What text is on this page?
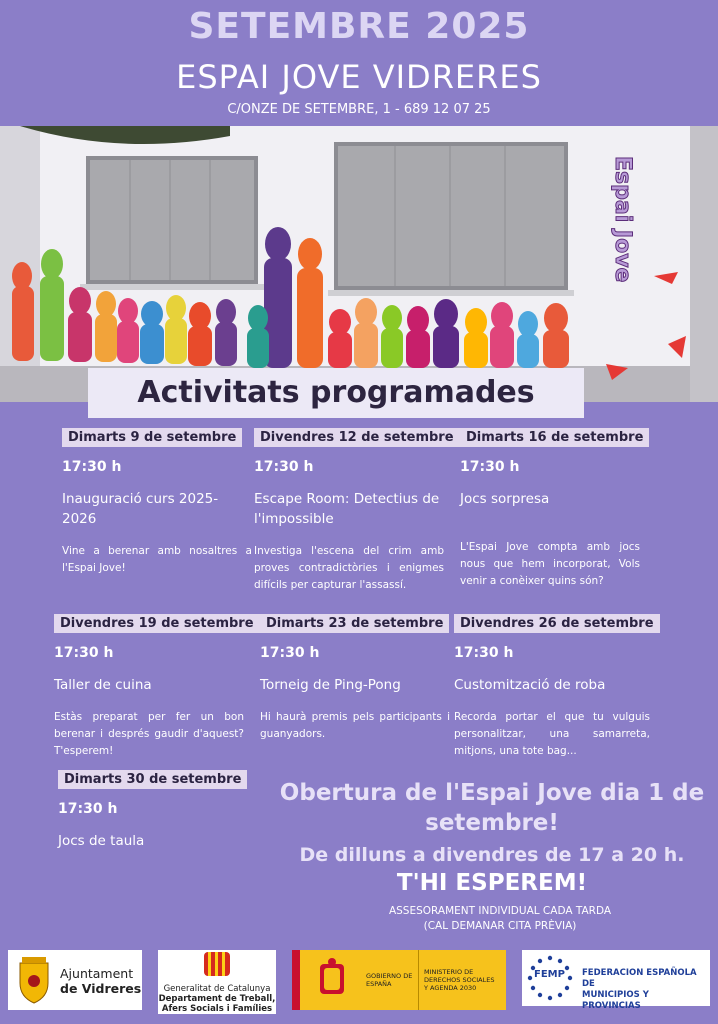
SETEMBRE 2025
ESPAI JOVE VIDRERES
C/ONZE DE SETEMBRE, 1 - 689 12 07 25
Espai Jove
Activitats programades
Dimarts 9 de setembre
17:30 h
Inauguració curs 2025-2026
Vine a berenar amb nosaltres a l'Espai Jove!
Divendres 12 de setembre
17:30 h
Escape Room: Detectius de l'impossible
Investiga l'escena del crim amb proves contradictòries i enigmes difícils per capturar l'assassí.
Dimarts 16 de setembre
17:30 h
Jocs sorpresa
L'Espai Jove compta amb jocs nous que hem incorporat, Vols venir a conèixer quins són?
Divendres 19 de setembre
17:30 h
Taller de cuina
Estàs preparat per fer un bon berenar i després gaudir d'aquest? T'esperem!
Dimarts 23 de setembre
17:30 h
Torneig de Ping-Pong
Hi haurà premis pels participants i guanyadors.
Divendres 26 de setembre
17:30 h
Customització de roba
Recorda portar el que tu vulguis personalitzar, una samarreta, mitjons, una tote bag...
Dimarts 30 de setembre
17:30 h
Jocs de taula
Obertura de l'Espai Jove dia 1 de setembre!
De dilluns a divendres de 17 a 20 h.
T'HI ESPEREM!
ASSESORAMENT INDIVIDUAL CADA TARDA
(CAL DEMANAR CITA PRÈVIA)
Ajuntament
de Vidreres	Generalitat de Catalunya
Departament de Treball,
Afers Socials i Famílies
GOBIERNO DE ESPAÑA
MINISTERIO DE DERECHOS SOCIALES Y AGENDA 2030
FEMP FEDERACION ESPAÑOLA DE
MUNICIPIOS Y PROVINCIAS
